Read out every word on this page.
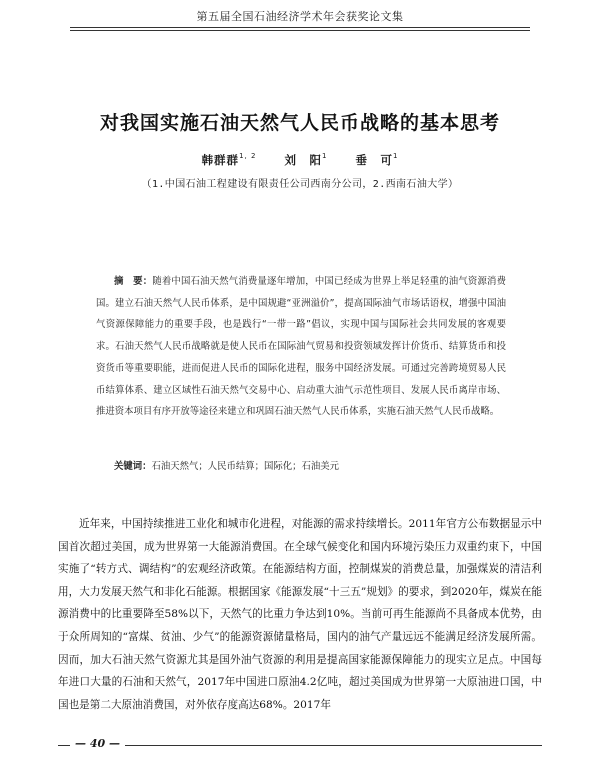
第五届全国石油经济学术年会获奖论文集
对我国实施石油天然气人民币战略的基本思考
韩群群$^{1, 2}$ 刘　阳$^1$ 垂　可$^1$
（1.中国石油工程建设有限责任公司西南分公司，2.西南石油大学）
摘　要：随着中国石油天然气消费量逐年增加，中国已经成为世界上举足轻重的油气资源消费国。建立石油天然气人民币体系，是中国规避“亚洲溢价”，提高国际油气市场话语权，增强中国油气资源保障能力的重要手段，也是践行“一带一路”倡议，实现中国与国际社会共同发展的客观要求。石油天然气人民币战略就是使人民币在国际油气贸易和投资领域发挥计价货币、结算货币和投资货币等重要职能，进而促进人民币的国际化进程，服务中国经济发展。可通过完善跨境贸易人民币结算体系、建立区域性石油天然气交易中心、启动重大油气示范性项目、发展人民币离岸市场、推进资本项目有序开放等途径来建立和巩固石油天然气人民币体系，实施石油天然气人民币战略。
关键词：石油天然气；人民币结算；国际化；石油美元
近年来，中国持续推进工业化和城市化进程，对能源的需求持续增长。2011年官方公布数据显示中国首次超过美国，成为世界第一大能源消费国。在全球气候变化和国内环境污染压力双重约束下，中国实施了“转方式、调结构”的宏观经济政策。在能源结构方面，控制煤炭的消费总量，加强煤炭的清洁利用，大力发展天然气和非化石能源。根据国家《能源发展“十三五”规划》的要求，到2020年，煤炭在能源消费中的比重要降至58%以下，天然气的比重力争达到10%。当前可再生能源尚不具备成本优势，由于众所周知的“富煤、贫油、少气”的能源资源储量格局，国内的油气产量远远不能满足经济发展所需。因而，加大石油天然气资源尤其是国外油气资源的利用是提高国家能源保障能力的现实立足点。中国每年进口大量的石油和天然气，2017年中国进口原油4.2亿吨，超过美国成为世界第一大原油进口国，中国也是第二大原油消费国，对外依存度高达68%。2017年
— 40 —
